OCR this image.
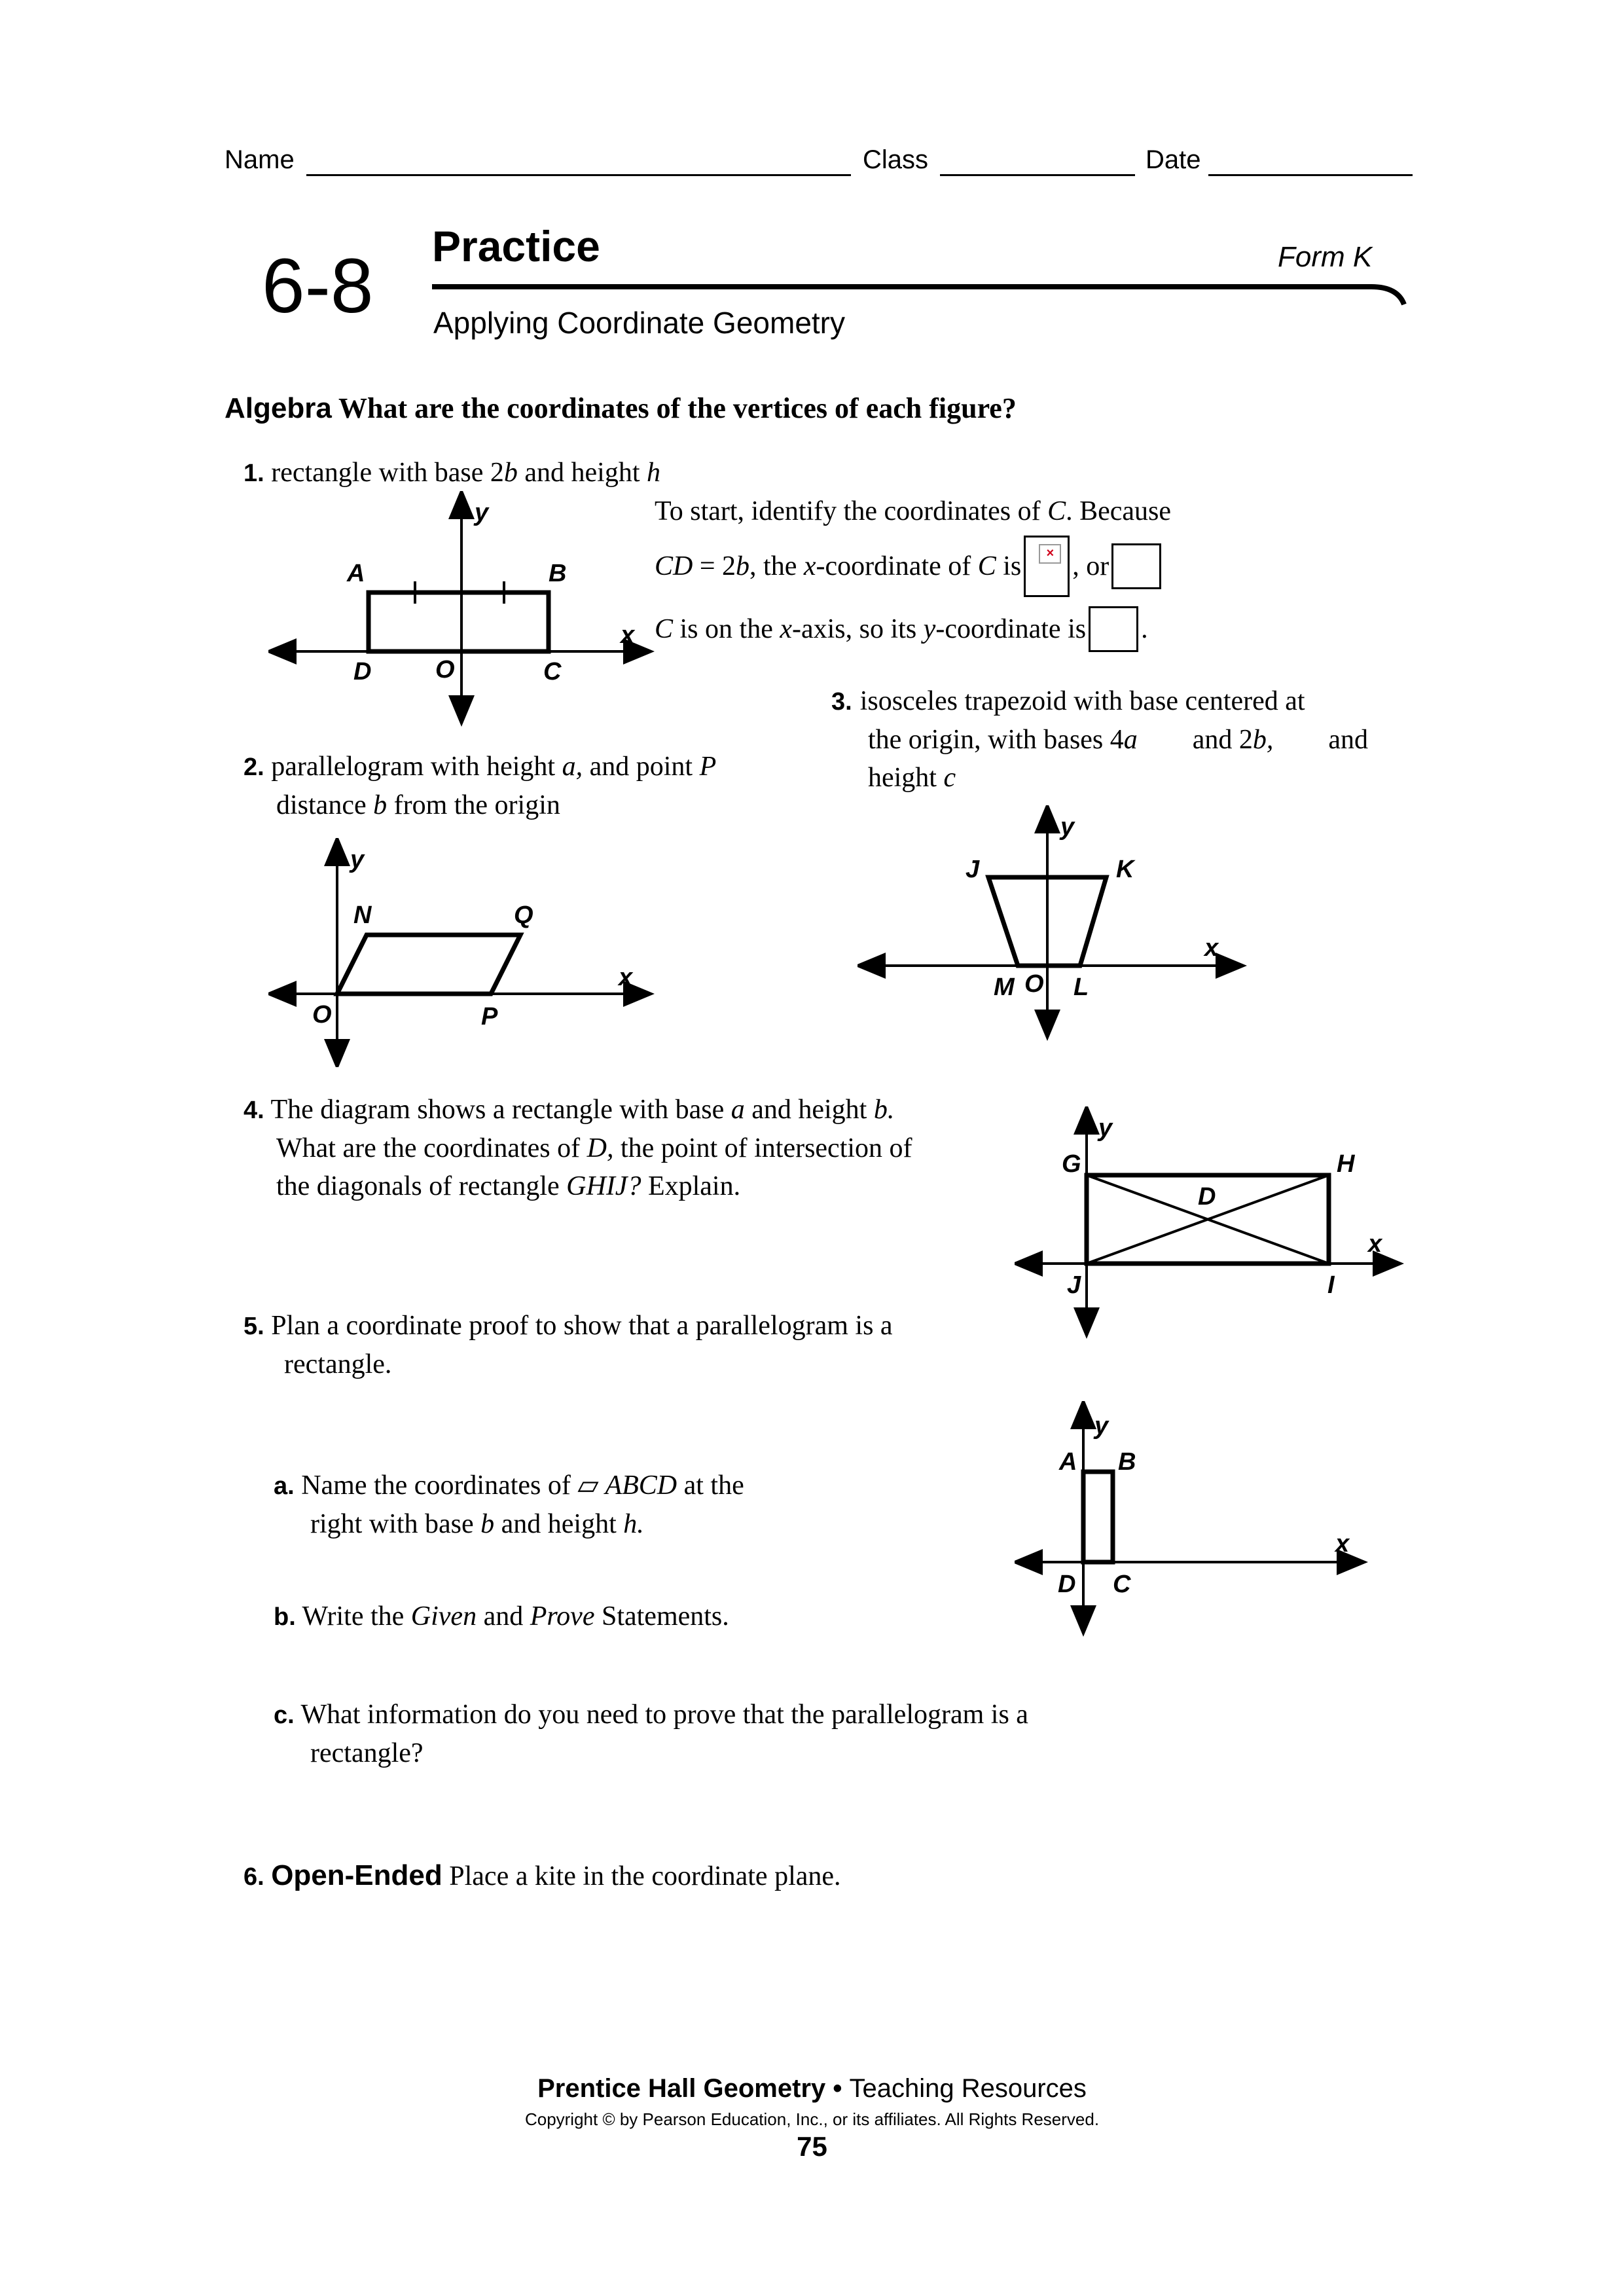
Name	Class	Date
6-8 Practice	Form K
Applying Coordinate Geometry
Algebra What are the coordinates of the vertices of each figure?
1. rectangle with base 2b and height h
y
A	B
D	O	C
x
To start, identify the coordinates of C. Because
CD = 2b, the x-coordinate of C is	× , or
C is on the x-axis, so its y-coordinate is .
3. isosceles trapezoid with base centered at
the origin, with bases 4a and 2b, and
height c
y
J	K
M O L
x
2. parallelogram with height a, and point P
distance b from the origin
y
N	Q
O	P
x
4. The diagram shows a rectangle with base a and height b.
What are the coordinates of D, the point of intersection of
the diagonals of rectangle GHIJ? Explain.
y
G	H
D
J	I
x
5. Plan a coordinate proof to show that a parallelogram is a
rectangle.
a. Name the coordinates of ▱ ABCD at the
right with base b and height h.
y
A B
D C
x
b. Write the Given and Prove Statements.
c. What information do you need to prove that the parallelogram is a
rectangle?
6. Open-Ended Place a kite in the coordinate plane.
Prentice Hall Geometry • Teaching Resources
Copyright © by Pearson Education, Inc., or its affiliates. All Rights Reserved.
75
